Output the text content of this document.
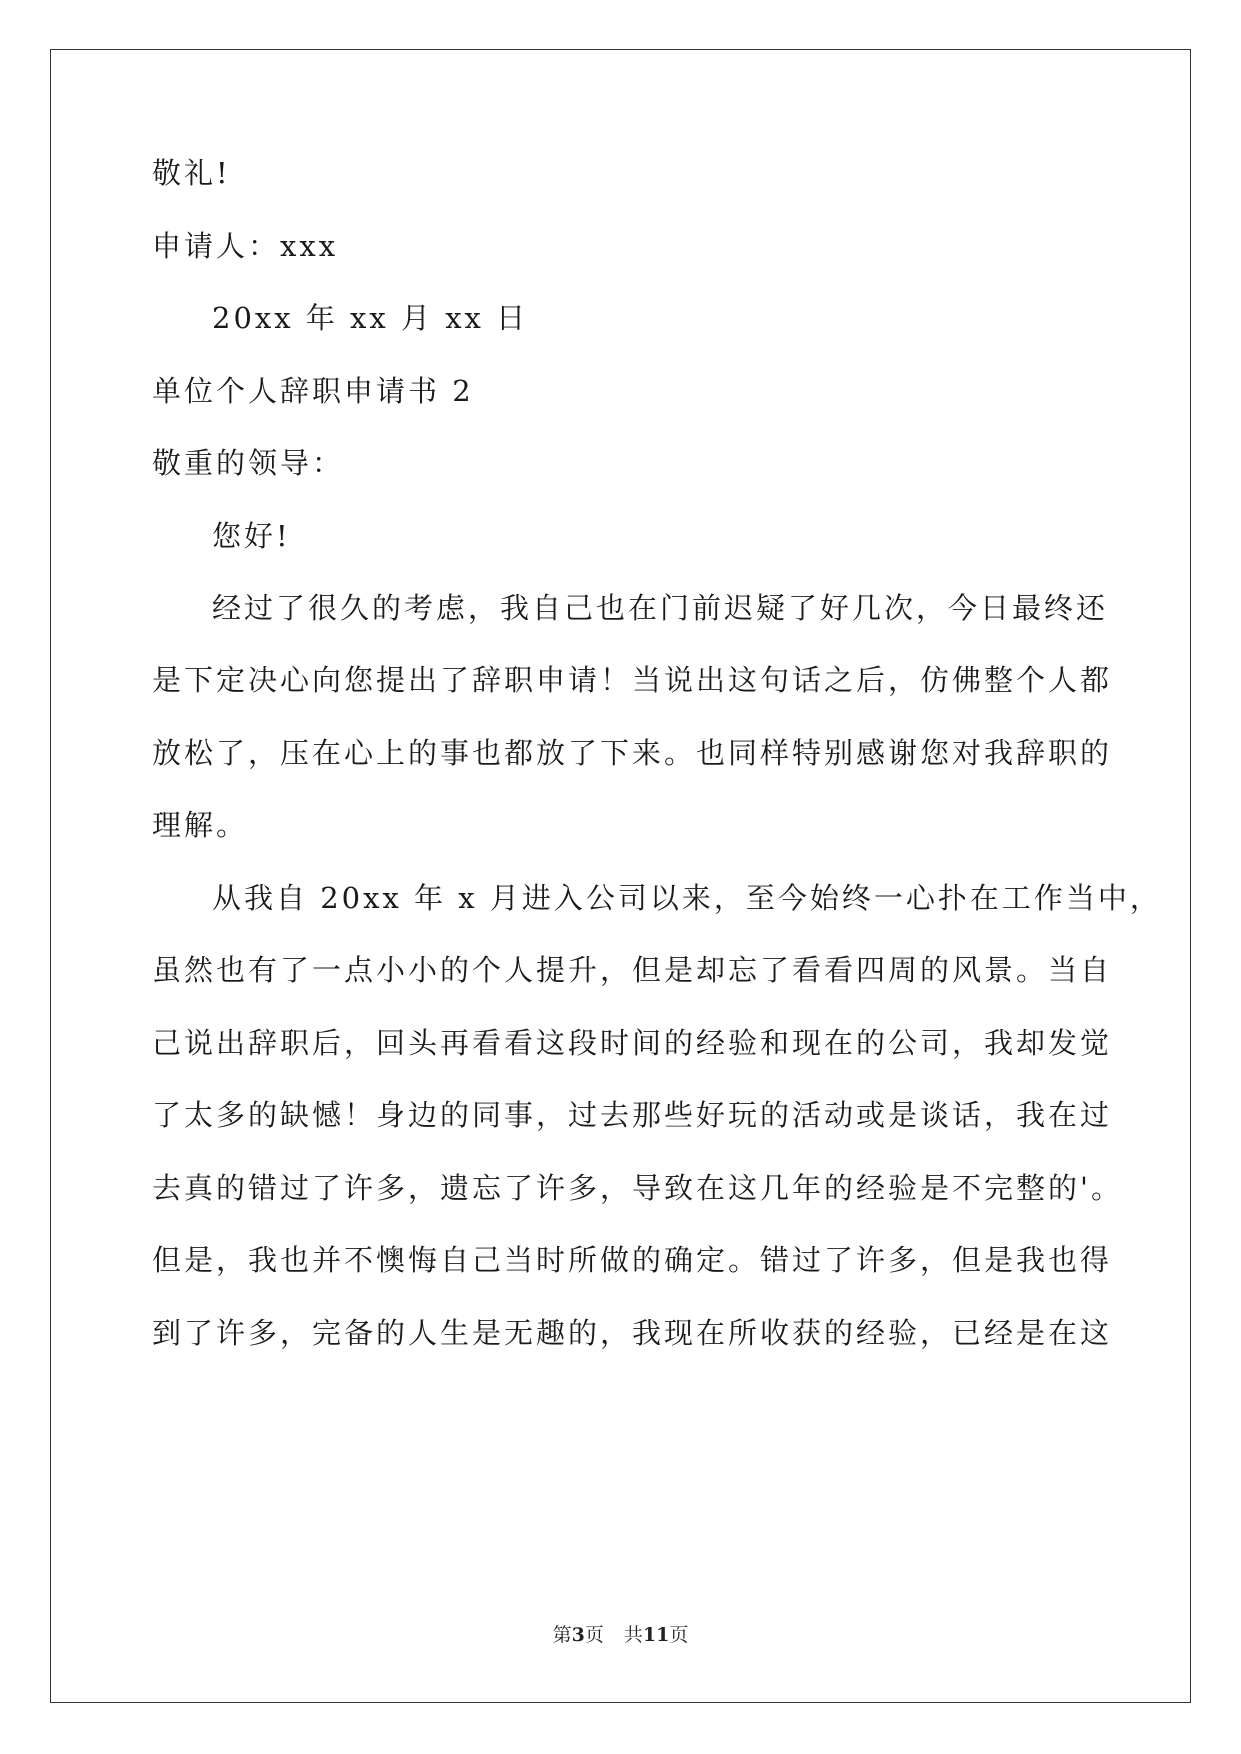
敬礼!
申请人：xxx
20xx 年 xx 月 xx 日
单位个人辞职申请书 2
敬重的领导：
您好!
经过了很久的考虑，我自己也在门前迟疑了好几次，今日最终还
是下定决心向您提出了辞职申请！当说出这句话之后，仿佛整个人都
放松了，压在心上的事也都放了下来。也同样特别感谢您对我辞职的
理解。
从我自 20xx 年 x 月进入公司以来，至今始终一心扑在工作当中，
虽然也有了一点小小的个人提升，但是却忘了看看四周的风景。当自
己说出辞职后，回头再看看这段时间的经验和现在的公司，我却发觉
了太多的缺憾！身边的同事，过去那些好玩的活动或是谈话，我在过
去真的错过了许多，遗忘了许多，导致在这几年的经验是不完整的'。
但是，我也并不懊悔自己当时所做的确定。错过了许多，但是我也得
到了许多，完备的人生是无趣的，我现在所收获的经验，已经是在这
第3页 共11页
